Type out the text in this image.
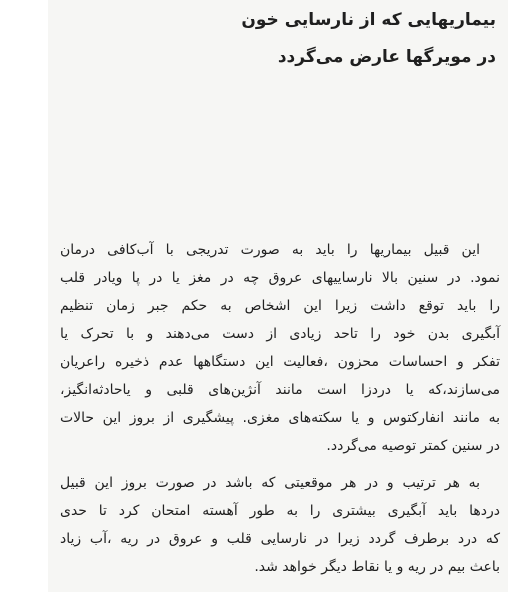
بیماریهایی که از نارسایی خون
در مویرگها عارض می‌گردد
این قبیل بیماریها را باید به صورت تدریجی با آب‌کافی درمان
نمود. در سنین بالا نارساییهای عروق چه در مغز یا در پا ویادر قلب
را باید توقع داشت زیرا این اشخاص به حکم جبر زمان تنظیم
آبگیری بدن خود را تاحد زیادی از دست می‌دهند و با تحرک یا
تفکر و احساسات محزون ،فعالیت این دستگاهها عدم ذخیره راعریان
می‌سازند،که یا دردزا است مانند آنژین‌های قلبی و یاحادثه‌انگیز،
به مانند انفارکتوس و یا سکته‌های مغزی. پیشگیری از بروز این حالات
در سنین کمتر توصیه می‌گردد.
به هر ترتیب و در هر موقعیتی که باشد در صورت بروز این قبیل
دردها باید آبگیری بیشتری را به طور آهسته امتحان کرد تا حدی
که درد برطرف گردد زیرا در نارسایی قلب و عروق در ریه ،آب زیاد
باعث بیم در ریه و یا نقاط دیگر خواهد شد.
